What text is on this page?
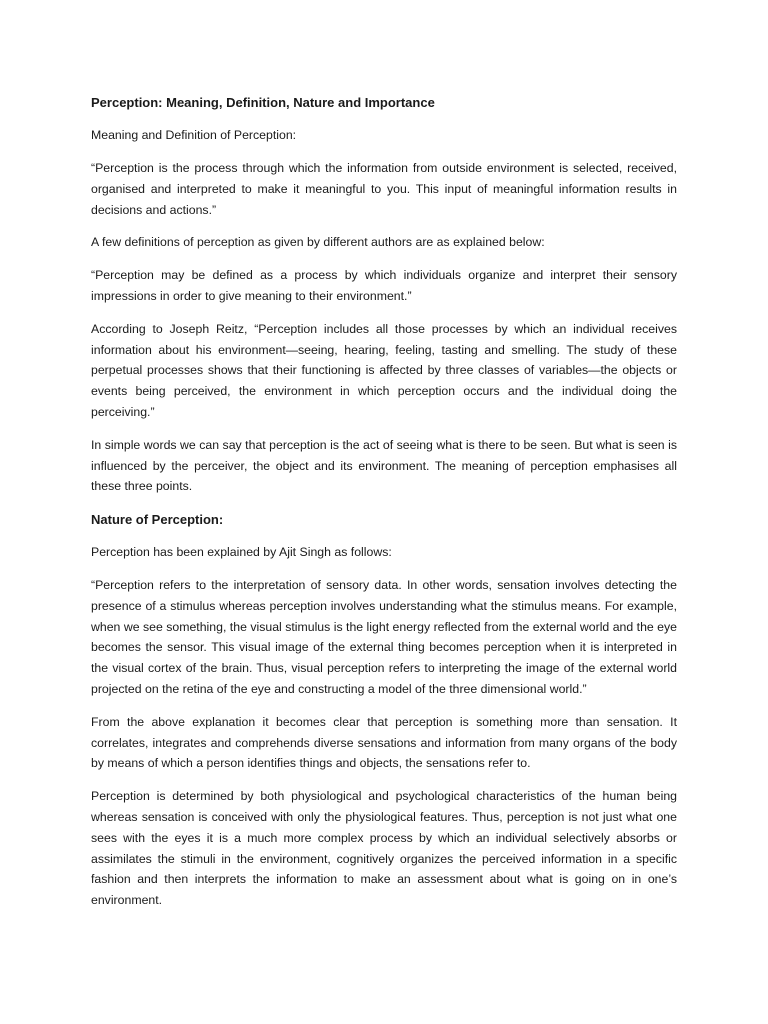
Perception: Meaning, Definition, Nature and Importance
Meaning and Definition of Perception:

“Perception is the process through which the information from outside environment is selected, received, organised and interpreted to make it meaningful to you. This input of meaningful information results in decisions and actions.”

A few definitions of perception as given by different authors are as explained below:

“Perception may be defined as a process by which individuals organize and interpret their sensory impressions in order to give meaning to their environment.”

According to Joseph Reitz, “Perception includes all those processes by which an individual receives information about his environment—seeing, hearing, feeling, tasting and smelling. The study of these perpetual processes shows that their functioning is affected by three classes of variables—the objects or events being perceived, the environment in which perception occurs and the individual doing the perceiving.”

In simple words we can say that perception is the act of seeing what is there to be seen. But what is seen is influenced by the perceiver, the object and its environment. The meaning of perception emphasises all these three points.

Nature of Perception:

Perception has been explained by Ajit Singh as follows:

“Perception refers to the interpretation of sensory data. In other words, sensation involves detecting the presence of a stimulus whereas perception involves understanding what the stimulus means. For example, when we see something, the visual stimulus is the light energy reflected from the external world and the eye becomes the sensor. This visual image of the external thing becomes perception when it is interpreted in the visual cortex of the brain. Thus, visual perception refers to interpreting the image of the external world projected on the retina of the eye and constructing a model of the three dimensional world.”

From the above explanation it becomes clear that perception is something more than sensation. It correlates, integrates and comprehends diverse sensations and information from many organs of the body by means of which a person identifies things and objects, the sensations refer to.

Perception is determined by both physiological and psychological characteristics of the human being whereas sensation is conceived with only the physiological features. Thus, perception is not just what one sees with the eyes it is a much more complex process by which an individual selectively absorbs or assimilates the stimuli in the environment, cognitively organizes the perceived information in a specific fashion and then interprets the information to make an assessment about what is going on in one’s environment.
